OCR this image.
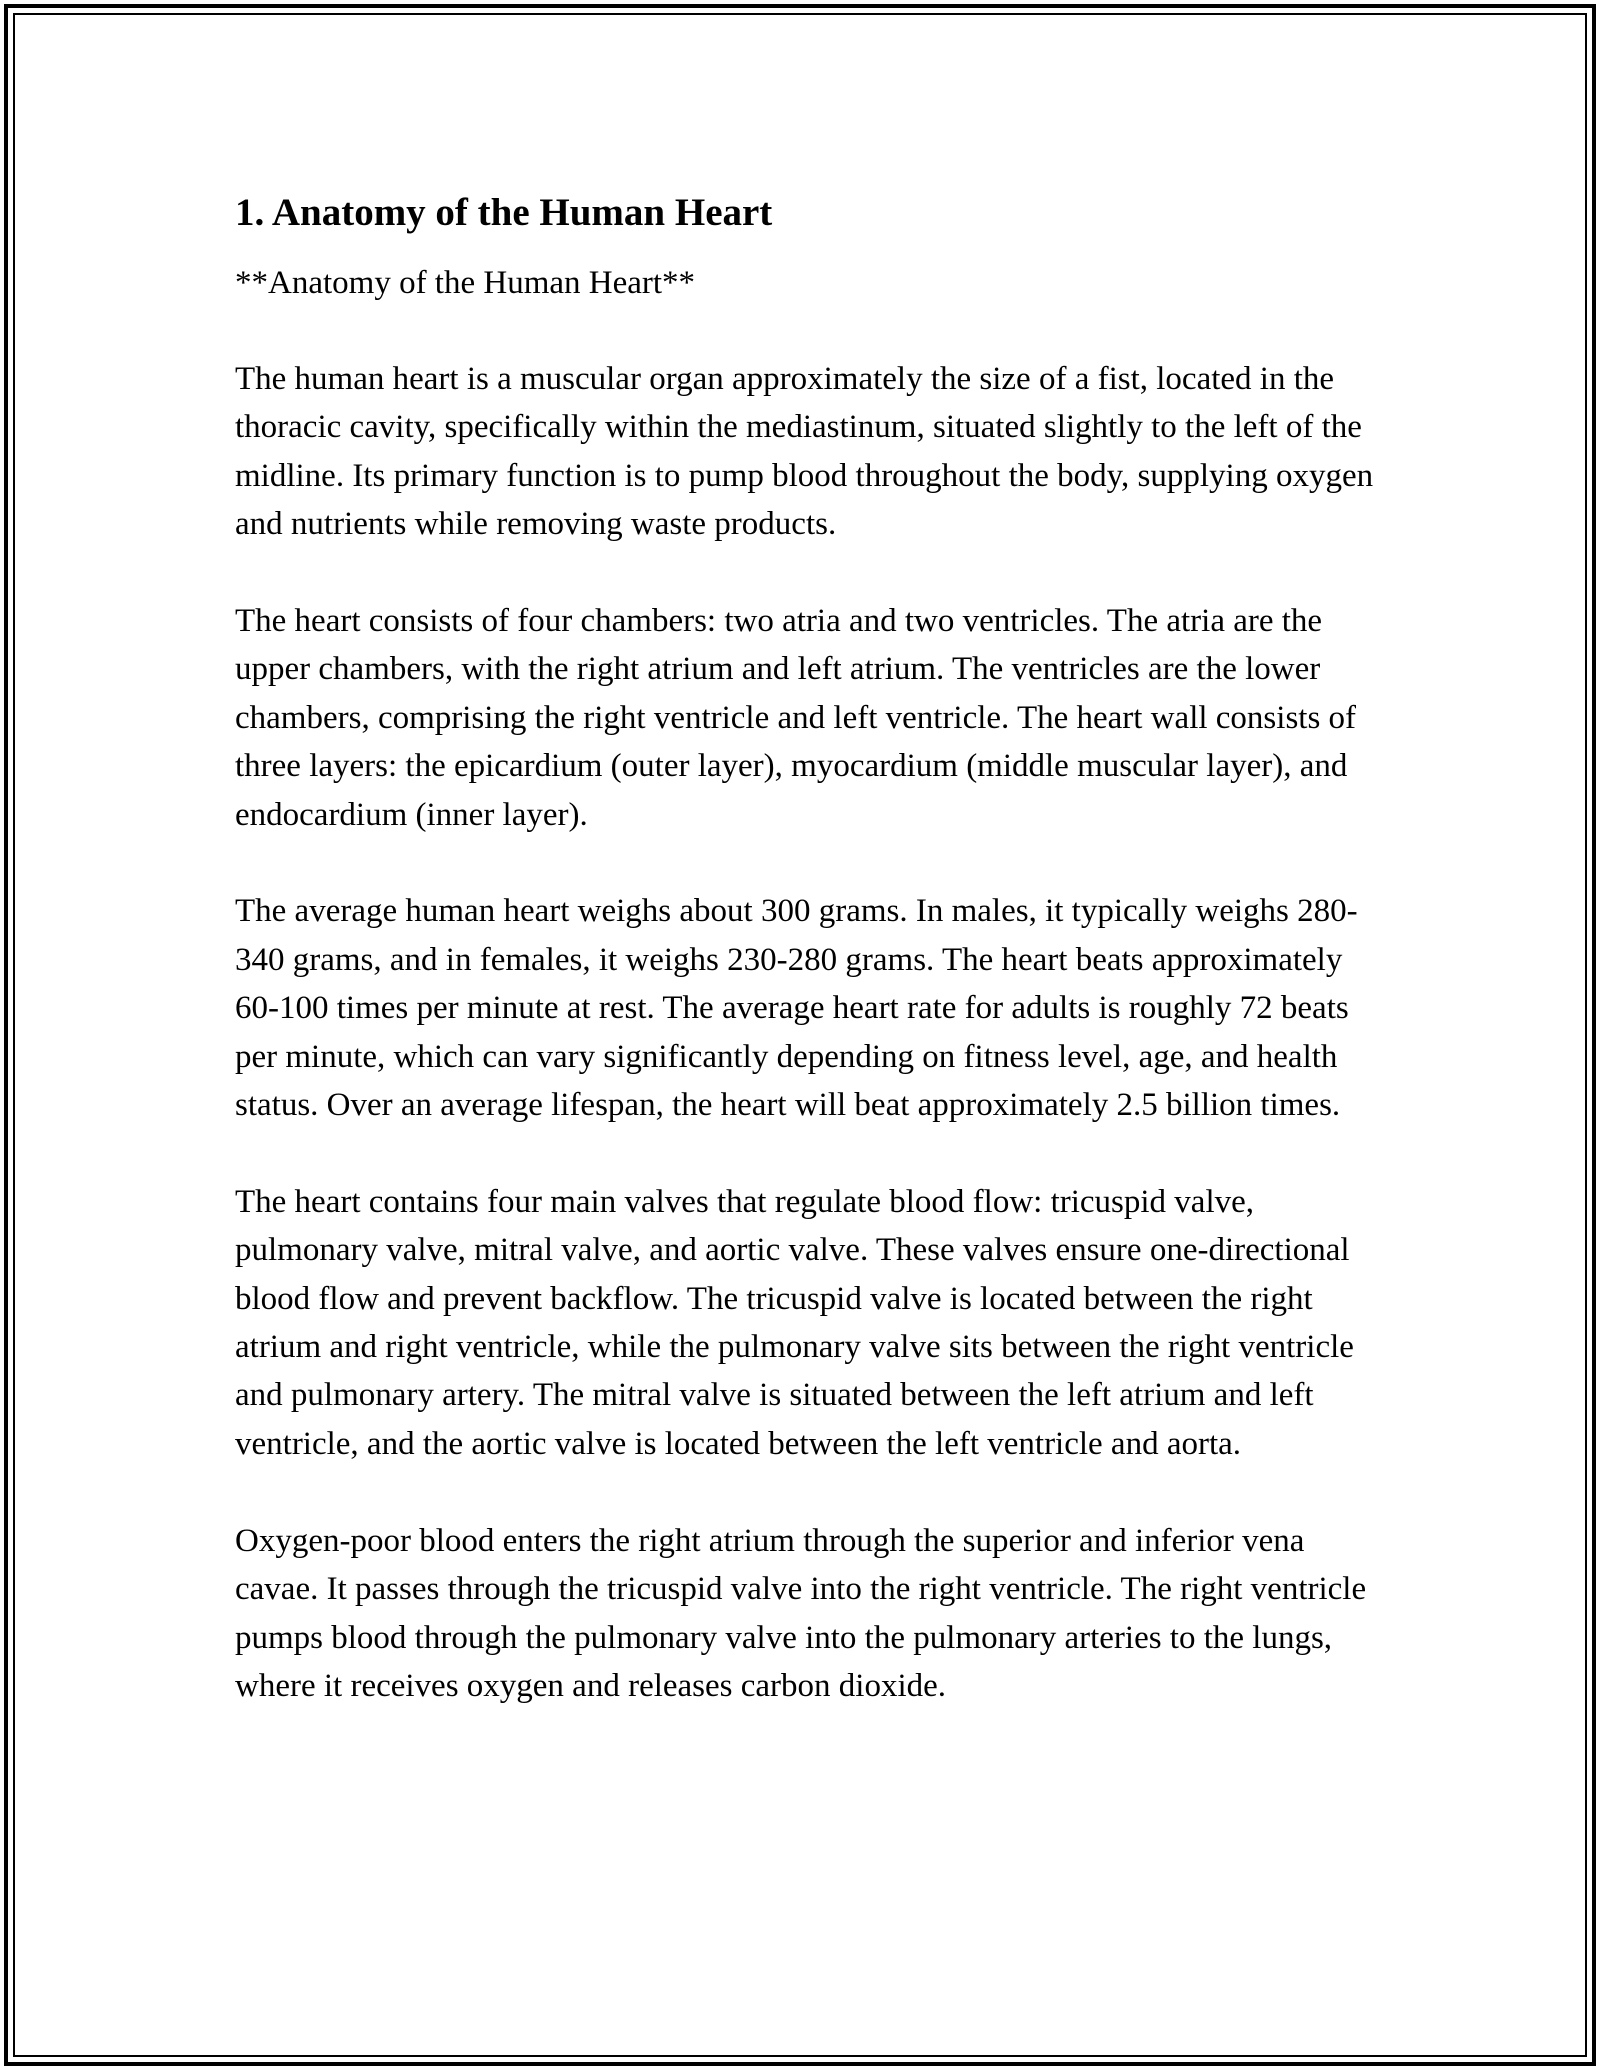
1. Anatomy of the Human Heart

**Anatomy of the Human Heart**

The human heart is a muscular organ approximately the size of a fist, located in the thoracic cavity, specifically within the mediastinum, situated slightly to the left of the midline. Its primary function is to pump blood throughout the body, supplying oxygen and nutrients while removing waste products.

The heart consists of four chambers: two atria and two ventricles. The atria are the upper chambers, with the right atrium and left atrium. The ventricles are the lower chambers, comprising the right ventricle and left ventricle. The heart wall consists of three layers: the epicardium (outer layer), myocardium (middle muscular layer), and endocardium (inner layer).

The average human heart weighs about 300 grams. In males, it typically weighs 280-340 grams, and in females, it weighs 230-280 grams. The heart beats approximately 60-100 times per minute at rest. The average heart rate for adults is roughly 72 beats per minute, which can vary significantly depending on fitness level, age, and health status. Over an average lifespan, the heart will beat approximately 2.5 billion times.

The heart contains four main valves that regulate blood flow: tricuspid valve, pulmonary valve, mitral valve, and aortic valve. These valves ensure one-directional blood flow and prevent backflow. The tricuspid valve is located between the right atrium and right ventricle, while the pulmonary valve sits between the right ventricle and pulmonary artery. The mitral valve is situated between the left atrium and left ventricle, and the aortic valve is located between the left ventricle and aorta.

Oxygen-poor blood enters the right atrium through the superior and inferior vena cavae. It passes through the tricuspid valve into the right ventricle. The right ventricle pumps blood through the pulmonary valve into the pulmonary arteries to the lungs, where it receives oxygen and releases carbon dioxide.
